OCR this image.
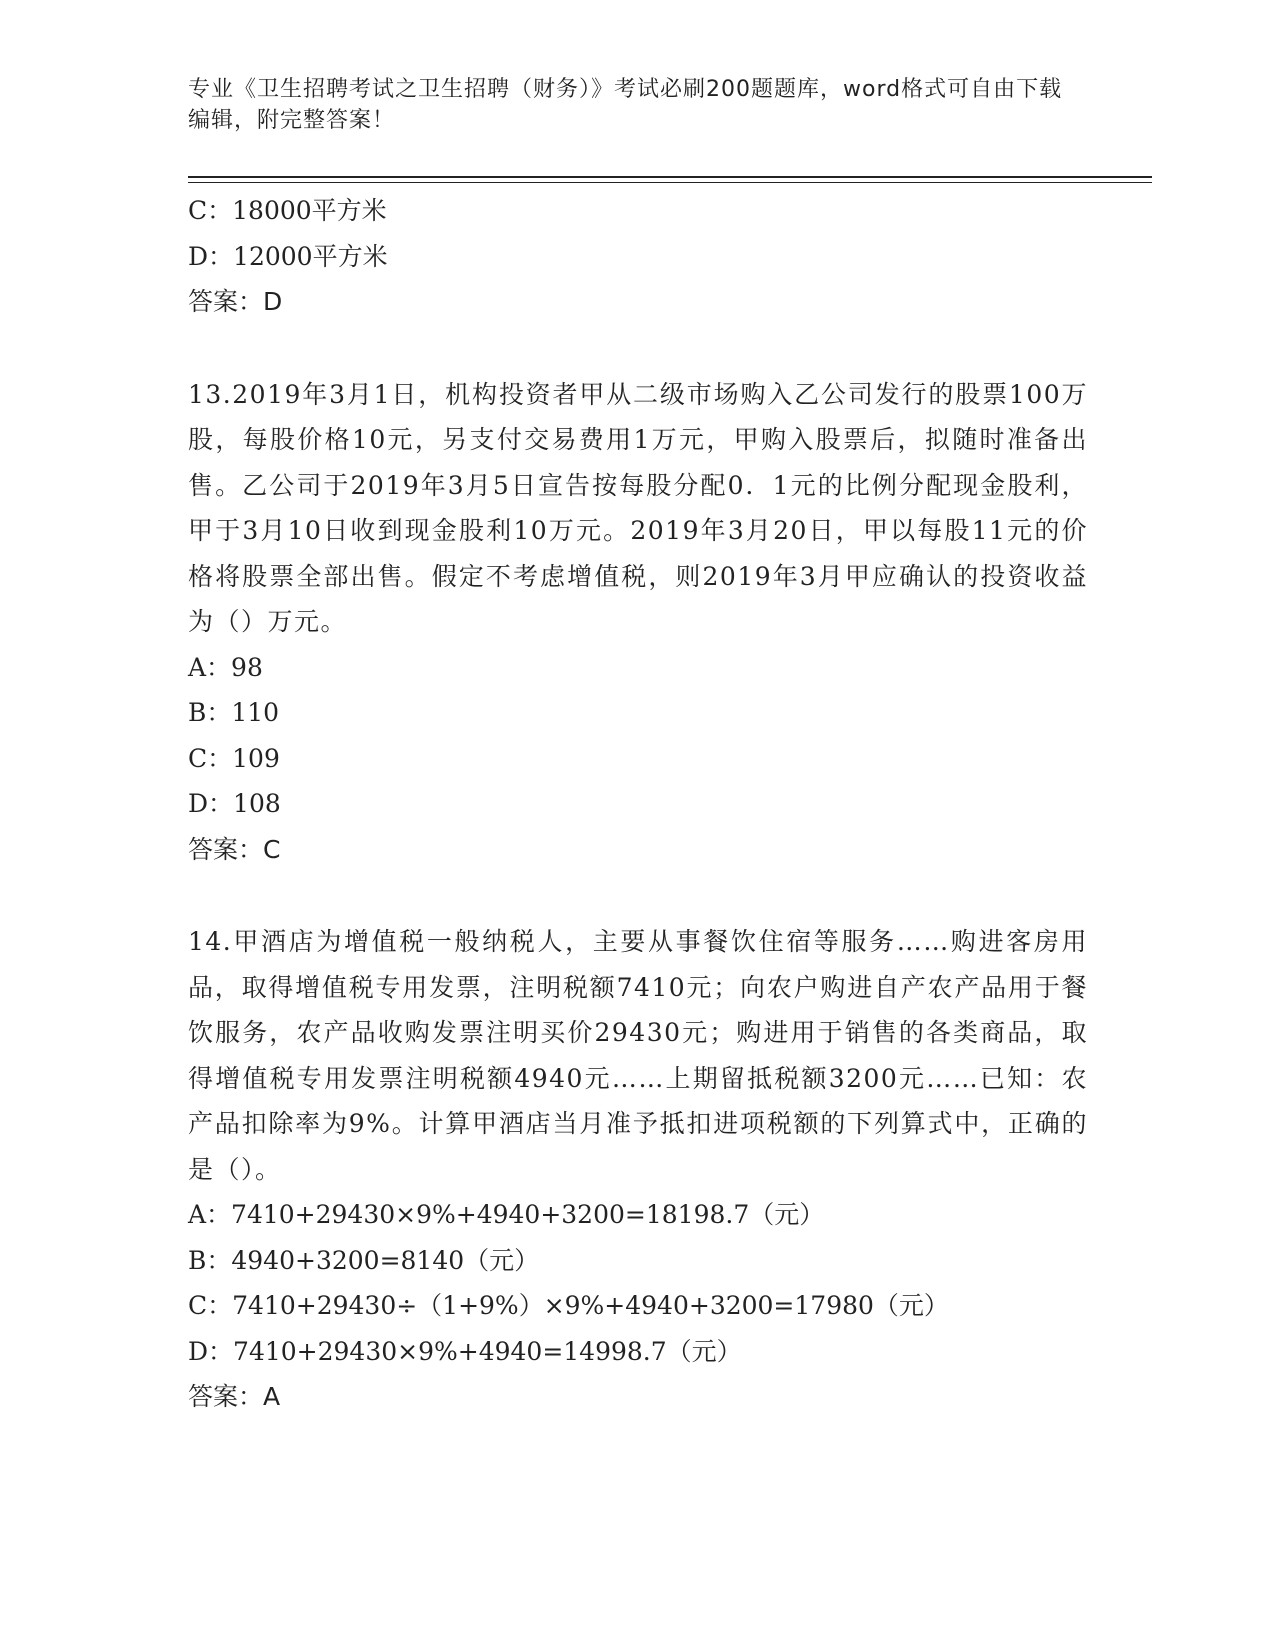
专业《卫生招聘考试之卫生招聘（财务）》考试必刷200题题库，word格式可自由下载编辑，附完整答案！
C：18000平方米
D：12000平方米
答案：D
13.2019年3月1日，机构投资者甲从二级市场购入乙公司发行的股票100万股，每股价格10元，另支付交易费用1万元，甲购入股票后，拟随时准备出售。乙公司于2019年3月5日宣告按每股分配0．1元的比例分配现金股利，甲于3月10日收到现金股利10万元。2019年3月20日，甲以每股11元的价格将股票全部出售。假定不考虑增值税，则2019年3月甲应确认的投资收益为（）万元。
A：98
B：110
C：109
D：108
答案：C
14.甲酒店为增值税一般纳税人，主要从事餐饮住宿等服务……购进客房用品，取得增值税专用发票，注明税额7410元；向农户购进自产农产品用于餐饮服务，农产品收购发票注明买价29430元；购进用于销售的各类商品，取得增值税专用发票注明税额4940元……上期留抵税额3200元……已知：农产品扣除率为9%。计算甲酒店当月准予抵扣进项税额的下列算式中，正确的是（）。
A：7410+29430×9%+4940+3200=18198.7（元）
B：4940+3200=8140（元）
C：7410+29430÷（1+9%）×9%+4940+3200=17980（元）
D：7410+29430×9%+4940=14998.7（元）
答案：A
